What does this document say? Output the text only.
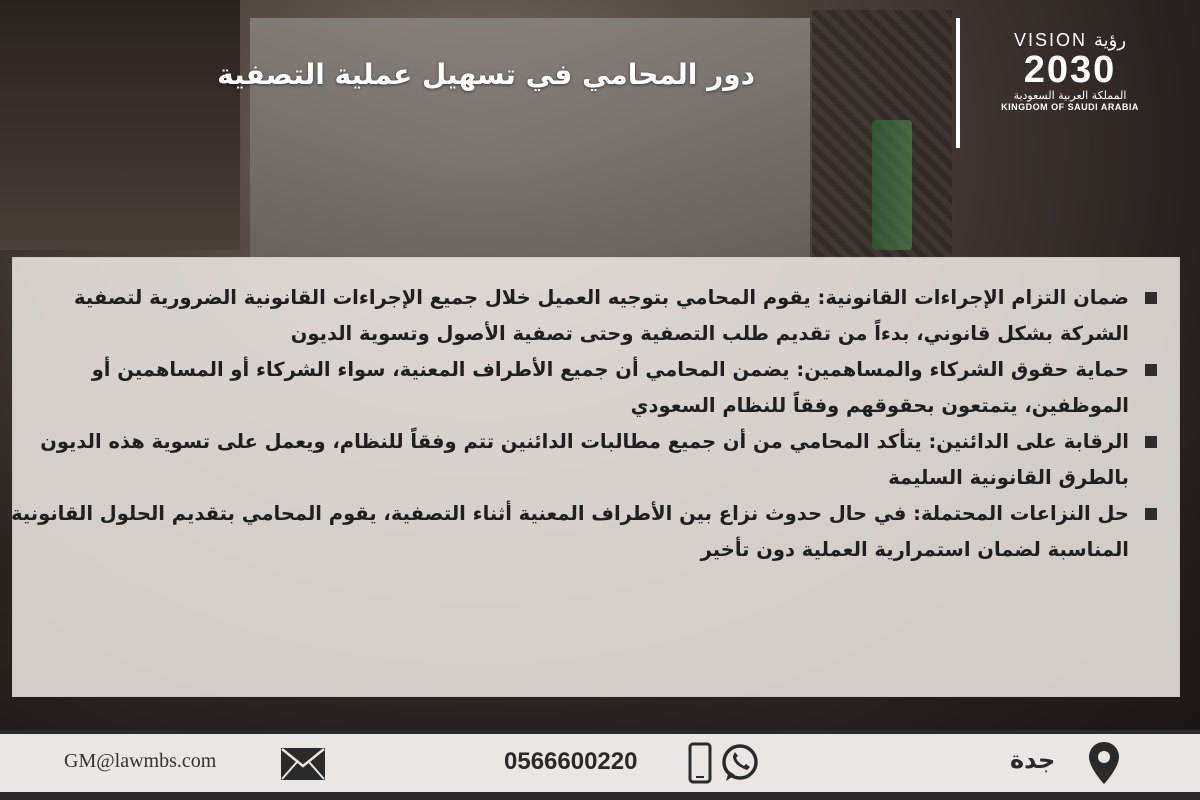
دور المحامي في تسهيل عملية التصفية
VISION رؤية
2030
المملكة العربية السعودية
KINGDOM OF SAUDI ARABIA
ضمان التزام الإجراءات القانونية: يقوم المحامي بتوجيه العميل خلال جميع الإجراءات القانونية الضرورية لتصفية الشركة بشكل قانوني، بدءاً من تقديم طلب التصفية وحتى تصفية الأصول وتسوية الديون
حماية حقوق الشركاء والمساهمين: يضمن المحامي أن جميع الأطراف المعنية، سواء الشركاء أو المساهمين أو الموظفين، يتمتعون بحقوقهم وفقاً للنظام السعودي
الرقابة على الدائنين: يتأكد المحامي من أن جميع مطالبات الدائنين تتم وفقاً للنظام، ويعمل على تسوية هذه الديون بالطرق القانونية السليمة
حل النزاعات المحتملة: في حال حدوث نزاع بين الأطراف المعنية أثناء التصفية، يقوم المحامي بتقديم الحلول القانونية المناسبة لضمان استمرارية العملية دون تأخير
GM@lawmbs.com	0566600220	جدة
